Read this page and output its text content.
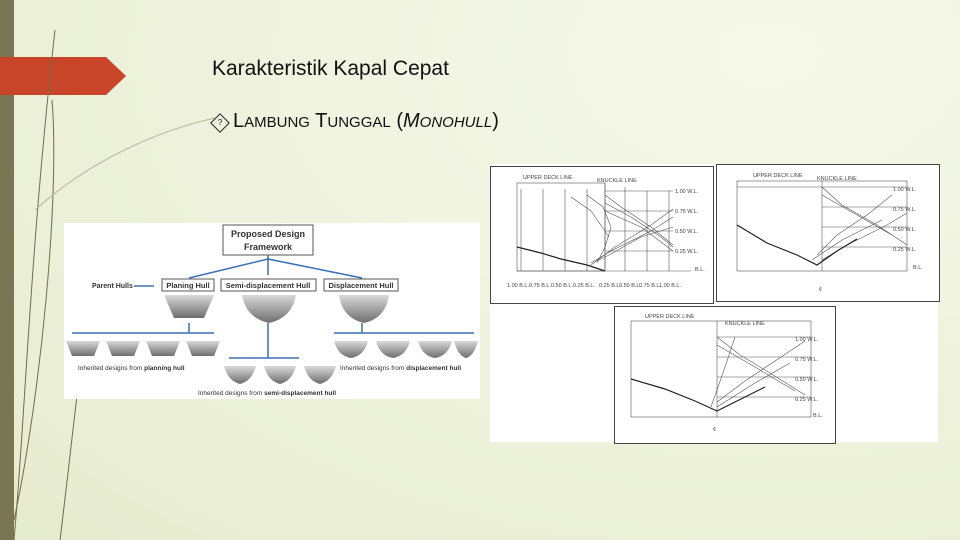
Karakteristik Kapal Cepat
? LAMBUNG TUNGGAL (MONOHULL)
Proposed Design
Framework
Parent Hulls	Planing Hull Semi-displacement Hull Displacement Hull
Inherited designs from planning hull	Inherited designs from displacement hull
Inherited designs from semi-displacement hull
UPPER DECK LINE	KNUCKLE LINE
1.00 W.L.
0.75 W.L.
0.50 W.L.
0.25 W.L.
B.L.
1.00 B.L. 0.75 B.L. 0.50 B.L. 0.25 B.L. 0.25 B.L.
0.50 B.L.
0.75 B.L.
1.00 B.L.
UPPER DECK LINE	KNUCKLE LINE
1.00 W.L.
0.75 W.L.
0.50 W.L.
0.25 W.L.
B.L.
¢
UPPER DECK LINE
KNUCKLE LINE
1.00 W.L.
0.75 W.L.
0.50 W.L.
0.25 W.L.
B.L.
¢
